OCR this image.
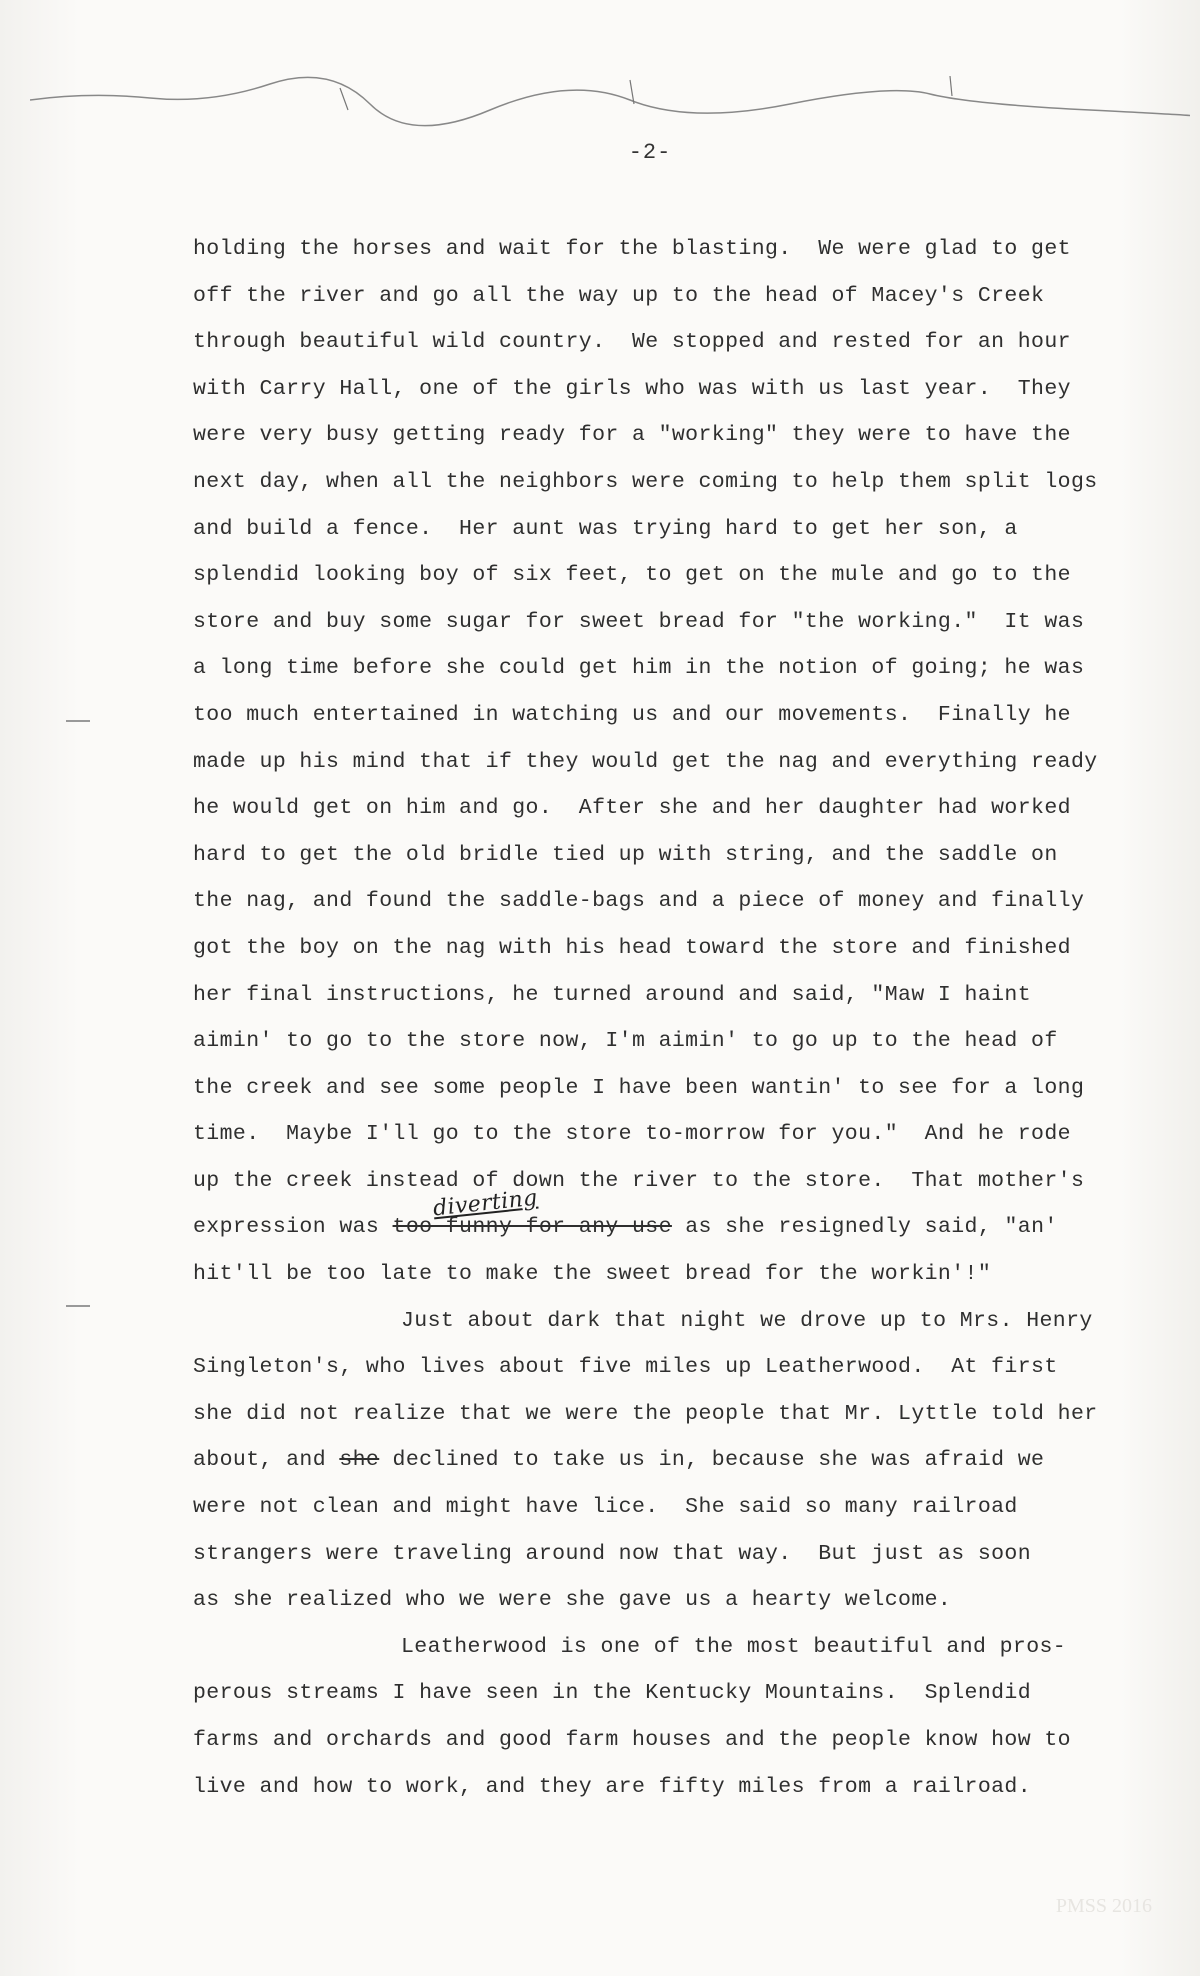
-2-
holding the horses and wait for the blasting.  We were glad to get
off the river and go all the way up to the head of Macey's Creek
through beautiful wild country.  We stopped and rested for an hour
with Carry Hall, one of the girls who was with us last year.  They
were very busy getting ready for a "working" they were to have the
next day, when all the neighbors were coming to help them split logs
and build a fence.  Her aunt was trying hard to get her son, a
splendid looking boy of six feet, to get on the mule and go to the
store and buy some sugar for sweet bread for "the working."  It was
a long time before she could get him in the notion of going; he was
too much entertained in watching us and our movements.  Finally he
made up his mind that if they would get the nag and everything ready
he would get on him and go.  After she and her daughter had worked
hard to get the old bridle tied up with string, and the saddle on
the nag, and found the saddle-bags and a piece of money and finally
got the boy on the nag with his head toward the store and finished
her final instructions, he turned around and said, "Maw I haint
aimin' to go to the store now, I'm aimin' to go up to the head of
the creek and see some people I have been wantin' to see for a long
time.  Maybe I'll go to the store to-morrow for you."  And he rode
up the creek instead of down the river to the store.  That mother's
expression was
diverting
too funny for any use as she resignedly said, "an'
hit'll be too late to make the sweet bread for the workin'!"
Just about dark that night we drove up to Mrs. Henry
Singleton's, who lives about five miles up Leatherwood.  At first
she did not realize that we were the people that Mr. Lyttle told her
about, and she declined to take us in, because she was afraid we
were not clean and might have lice.  She said so many railroad
strangers were traveling around now that way.  But just as soon
as she realized who we were she gave us a hearty welcome.
Leatherwood is one of the most beautiful and pros-
perous streams I have seen in the Kentucky Mountains.  Splendid
farms and orchards and good farm houses and the people know how to
live and how to work, and they are fifty miles from a railroad.
PMSS 2016
